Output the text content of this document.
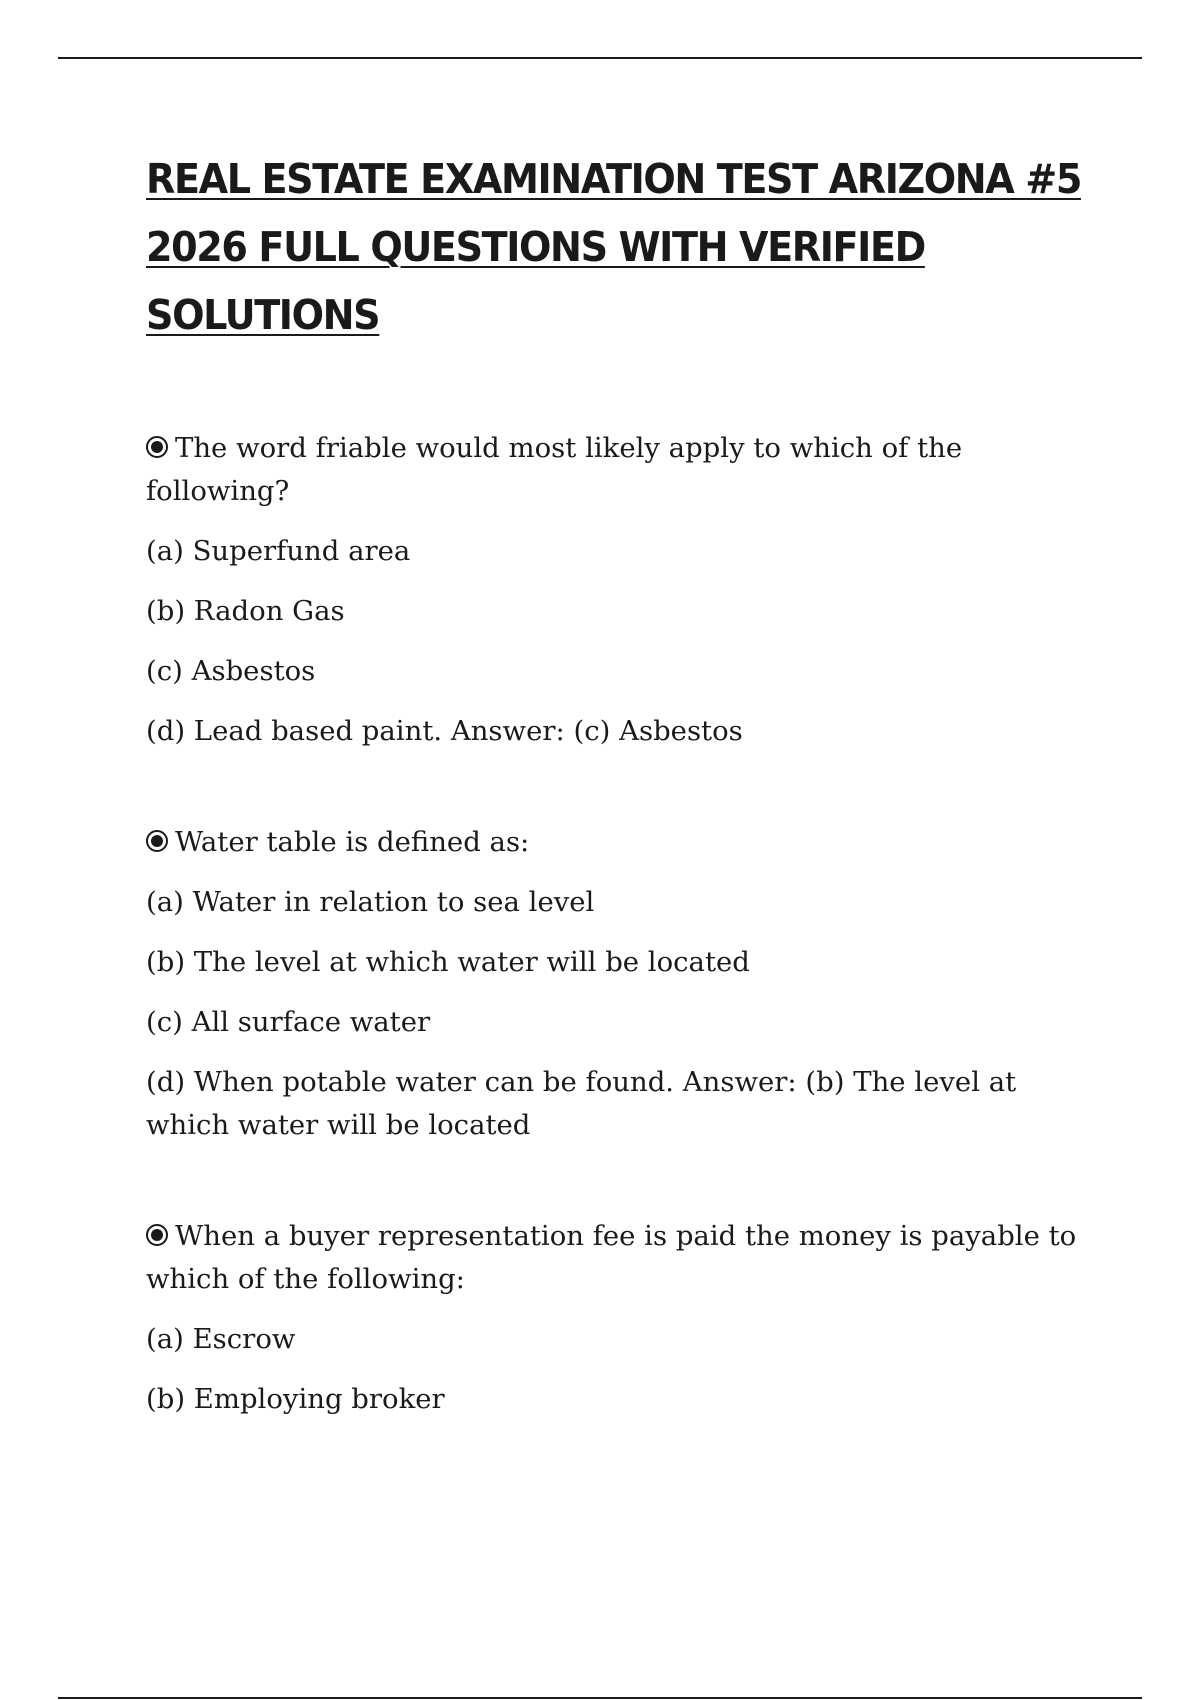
REAL ESTATE EXAMINATION TEST ARIZONA #5 2026 FULL QUESTIONS WITH VERIFIED SOLUTIONS

The word friable would most likely apply to which of the following?

(a) Superfund area

(b) Radon Gas

(c) Asbestos

(d) Lead based paint. Answer: (c) Asbestos

Water table is defined as:

(a) Water in relation to sea level

(b) The level at which water will be located

(c) All surface water

(d) When potable water can be found. Answer: (b) The level at which water will be located

When a buyer representation fee is paid the money is payable to which of the following:

(a) Escrow

(b) Employing broker
